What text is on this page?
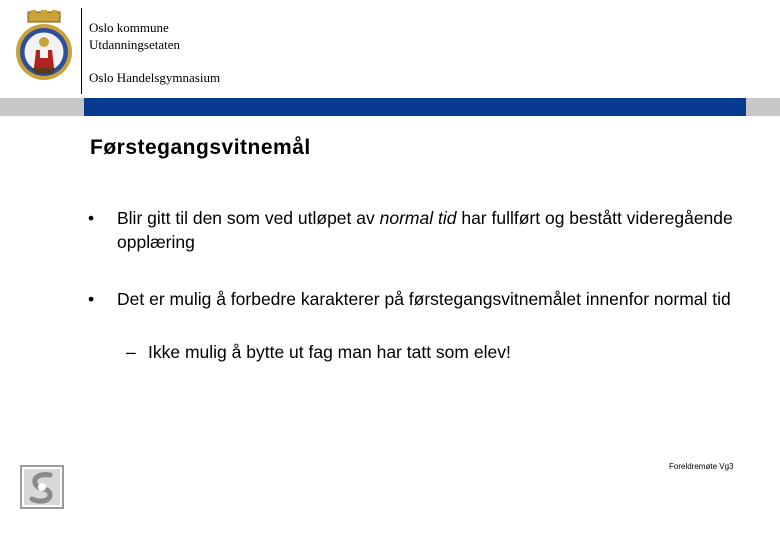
Oslo kommune
Utdanningsetaten
Oslo Handelsgymnasium
Førstegangsvitnemål
• Blir gitt til den som ved utløpet av normal tid har fullført og bestått videregående opplæring
• Det er mulig å forbedre karakterer på førstegangsvitnemålet innenfor normal tid
– Ikke mulig å bytte ut fag man har tatt som elev!
Foreldremøte Vg3
